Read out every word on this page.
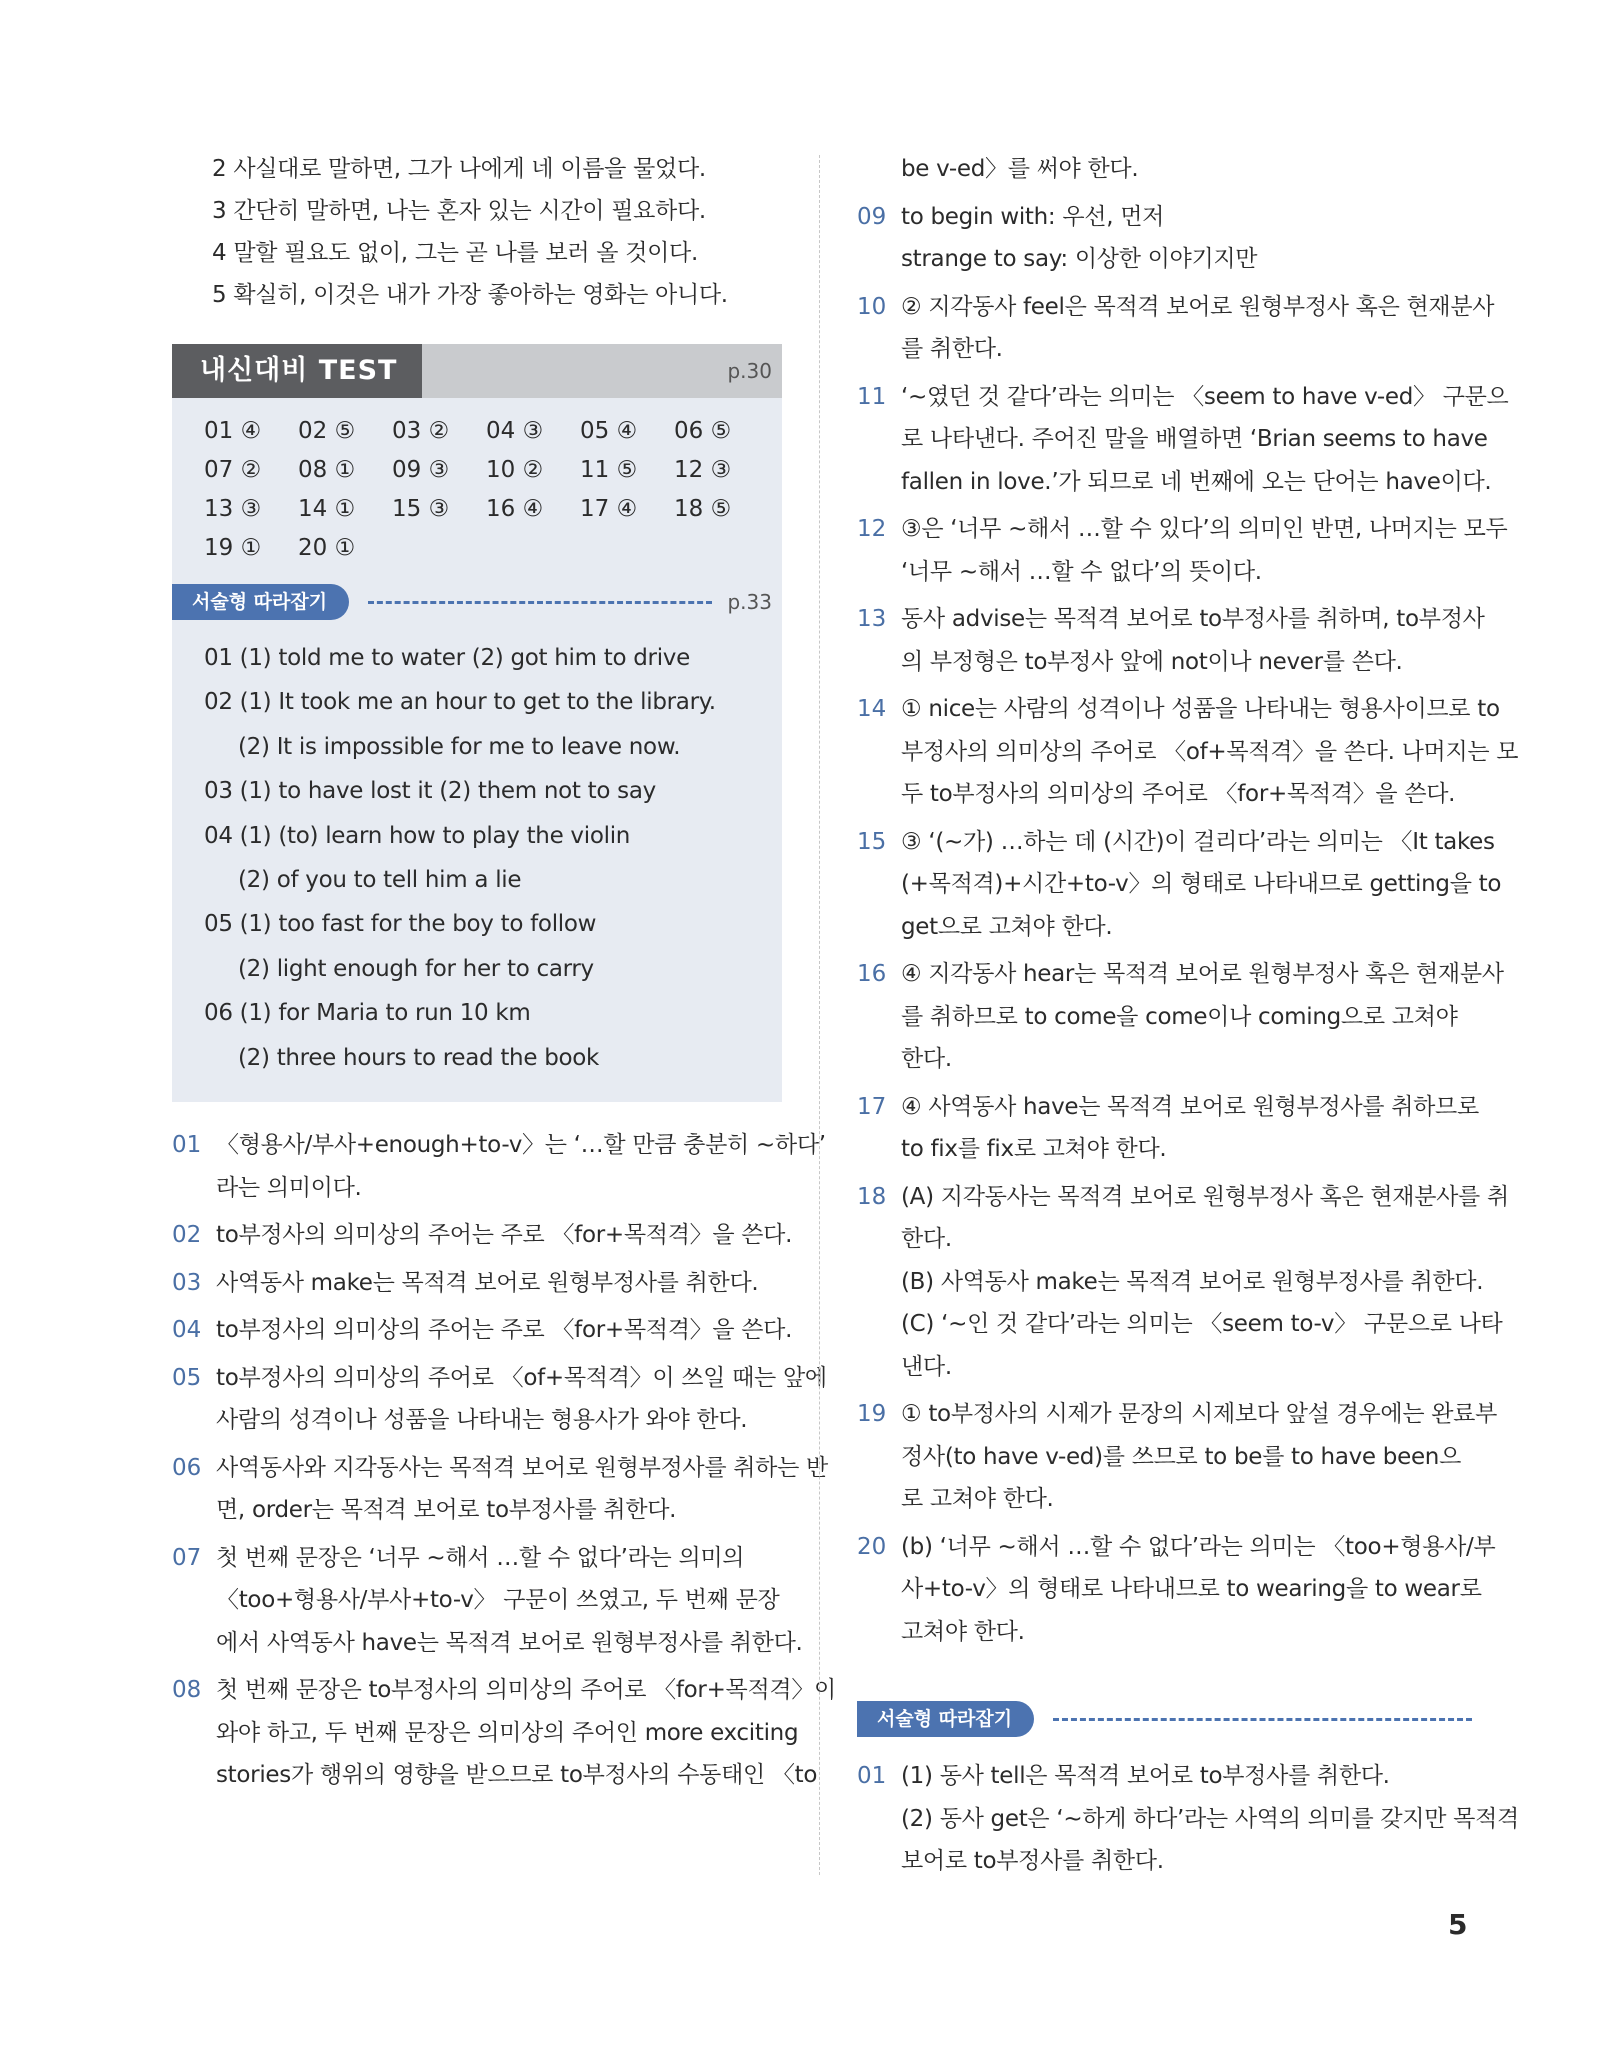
2 사실대로 말하면, 그가 나에게 네 이름을 물었다.
3 간단히 말하면, 나는 혼자 있는 시간이 필요하다.
4 말할 필요도 없이, 그는 곧 나를 보러 올 것이다.
5 확실히, 이것은 내가 가장 좋아하는 영화는 아니다.
내신대비 TEST	p.30
01 ④	02 ⑤	03 ②	04 ③	05 ④	06 ⑤
07 ②	08 ①	09 ③	10 ②	11 ⑤	12 ③
13 ③	14 ①	15 ③	16 ④	17 ④	18 ⑤
19 ①	20 ①
서술형 따라잡기	p.33
01 (1) told me to water (2) got him to drive
02 (1) It took me an hour to get to the library.
(2) It is impossible for me to leave now.
03 (1) to have lost it (2) them not to say
04 (1) (to) learn how to play the violin
(2) of you to tell him a lie
05 (1) too fast for the boy to follow
(2) light enough for her to carry
06 (1) for Maria to run 10 km
(2) three hours to read the book
01 〈형용사/부사+enough+to-v〉는 ‘…할 만큼 충분히 ~하다’
라는 의미이다.
02 to부정사의 의미상의 주어는 주로 〈for+목적격〉을 쓴다.
03 사역동사 make는 목적격 보어로 원형부정사를 취한다.
04 to부정사의 의미상의 주어는 주로 〈for+목적격〉을 쓴다.
05 to부정사의 의미상의 주어로 〈of+목적격〉이 쓰일 때는 앞에
사람의 성격이나 성품을 나타내는 형용사가 와야 한다.
06 사역동사와 지각동사는 목적격 보어로 원형부정사를 취하는 반
면, order는 목적격 보어로 to부정사를 취한다.
07 첫 번째 문장은 ‘너무 ~해서 …할 수 없다’라는 의미의
〈too+형용사/부사+to-v〉 구문이 쓰였고, 두 번째 문장
에서 사역동사 have는 목적격 보어로 원형부정사를 취한다.
08 첫 번째 문장은 to부정사의 의미상의 주어로 〈for+목적격〉이
와야 하고, 두 번째 문장은 의미상의 주어인 more exciting
stories가 행위의 영향을 받으므로 to부정사의 수동태인 〈to
be v-ed〉를 써야 한다.
09 to begin with: 우선, 먼저
strange to say: 이상한 이야기지만
10 ② 지각동사 feel은 목적격 보어로 원형부정사 혹은 현재분사
를 취한다.
11 ‘~였던 것 같다’라는 의미는 〈seem to have v-ed〉 구문으
로 나타낸다. 주어진 말을 배열하면 ‘Brian seems to have
fallen in love.’가 되므로 네 번째에 오는 단어는 have이다.
12 ③은 ‘너무 ~해서 …할 수 있다’의 의미인 반면, 나머지는 모두
‘너무 ~해서 …할 수 없다’의 뜻이다.
13 동사 advise는 목적격 보어로 to부정사를 취하며, to부정사
의 부정형은 to부정사 앞에 not이나 never를 쓴다.
14 ① nice는 사람의 성격이나 성품을 나타내는 형용사이므로 to
부정사의 의미상의 주어로 〈of+목적격〉을 쓴다. 나머지는 모
두 to부정사의 의미상의 주어로 〈for+목적격〉을 쓴다.
15 ③ ‘(~가) …하는 데 (시간)이 걸리다’라는 의미는 〈It takes
(+목적격)+시간+to-v〉의 형태로 나타내므로 getting을 to
get으로 고쳐야 한다.
16 ④ 지각동사 hear는 목적격 보어로 원형부정사 혹은 현재분사
를 취하므로 to come을 come이나 coming으로 고쳐야
한다.
17 ④ 사역동사 have는 목적격 보어로 원형부정사를 취하므로
to fix를 fix로 고쳐야 한다.
18 (A) 지각동사는 목적격 보어로 원형부정사 혹은 현재분사를 취
한다.
(B) 사역동사 make는 목적격 보어로 원형부정사를 취한다.
(C) ‘~인 것 같다’라는 의미는 〈seem to-v〉 구문으로 나타
낸다.
19 ① to부정사의 시제가 문장의 시제보다 앞설 경우에는 완료부
정사(to have v-ed)를 쓰므로 to be를 to have been으
로 고쳐야 한다.
20 (b) ‘너무 ~해서 …할 수 없다’라는 의미는 〈too+형용사/부
사+to-v〉의 형태로 나타내므로 to wearing을 to wear로
고쳐야 한다.
서술형 따라잡기
01 (1) 동사 tell은 목적격 보어로 to부정사를 취한다.
(2) 동사 get은 ‘~하게 하다’라는 사역의 의미를 갖지만 목적격
보어로 to부정사를 취한다.
5
